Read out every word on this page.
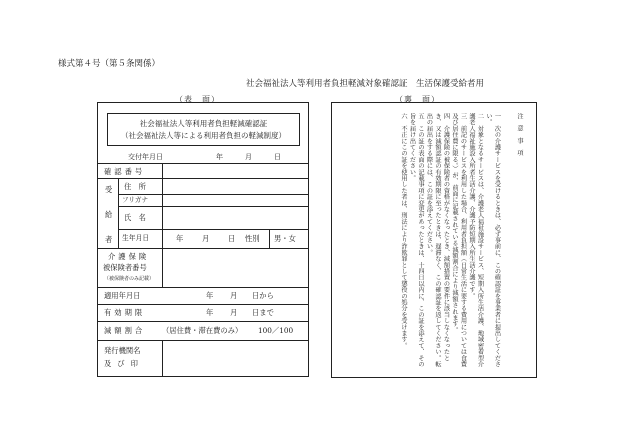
様式第４号（第５条関係）
社会福祉法人等利用者負担軽減対象確認証　生活保護受給者用
（表　面）	（裏　面）
社会福祉法人等利用者負担軽減確認証
（社会福祉法人等による利用者負担の軽減制度）
交付年月日	年	月	日
確認番号
受
給
者
住　所
フリガナ
氏　名
生年月日	年	月	日 性別 男・女
介護保険
被保険者番号
（被保険者のみ記載）
適用年月日	年 月 日から
有効期限	年 月 日まで
減額割合 （居住費・滞在費のみ） 100／100
発行機関名
及び印
注意事項
一　次の介護サービスを受けるときは、必ず事前に、この確認証を事業者に提出してください。
二　対象となるサービスは、介護老人福祉施設サービス、短期入所生活介護、地域密着型介護老人福祉施設入所者生活介護、介護予防短期入所生活介護です。
三　前記のサービスを利用した場合、利用者負担額（日常生活に要する費用については食費及び居住費に限る。）が、前面に記載されている減額割合により減額されます。
四　介護保険の被保険者の資格がなくなったとき、減額措置の要件に該当しなくなったとき、又は減額認証の有効期限に至ったときは、遅滞なく、この確認証を返してください。転出の届出をする際には、この証を添えてください。
五　この証の表面の記載事項に変更があったときは、十四日以内に、この証を添えて、その旨を届け出てください。
六　不正にこの証を使用した者は、刑法により詐欺罪として懲役の処分を受けます。
